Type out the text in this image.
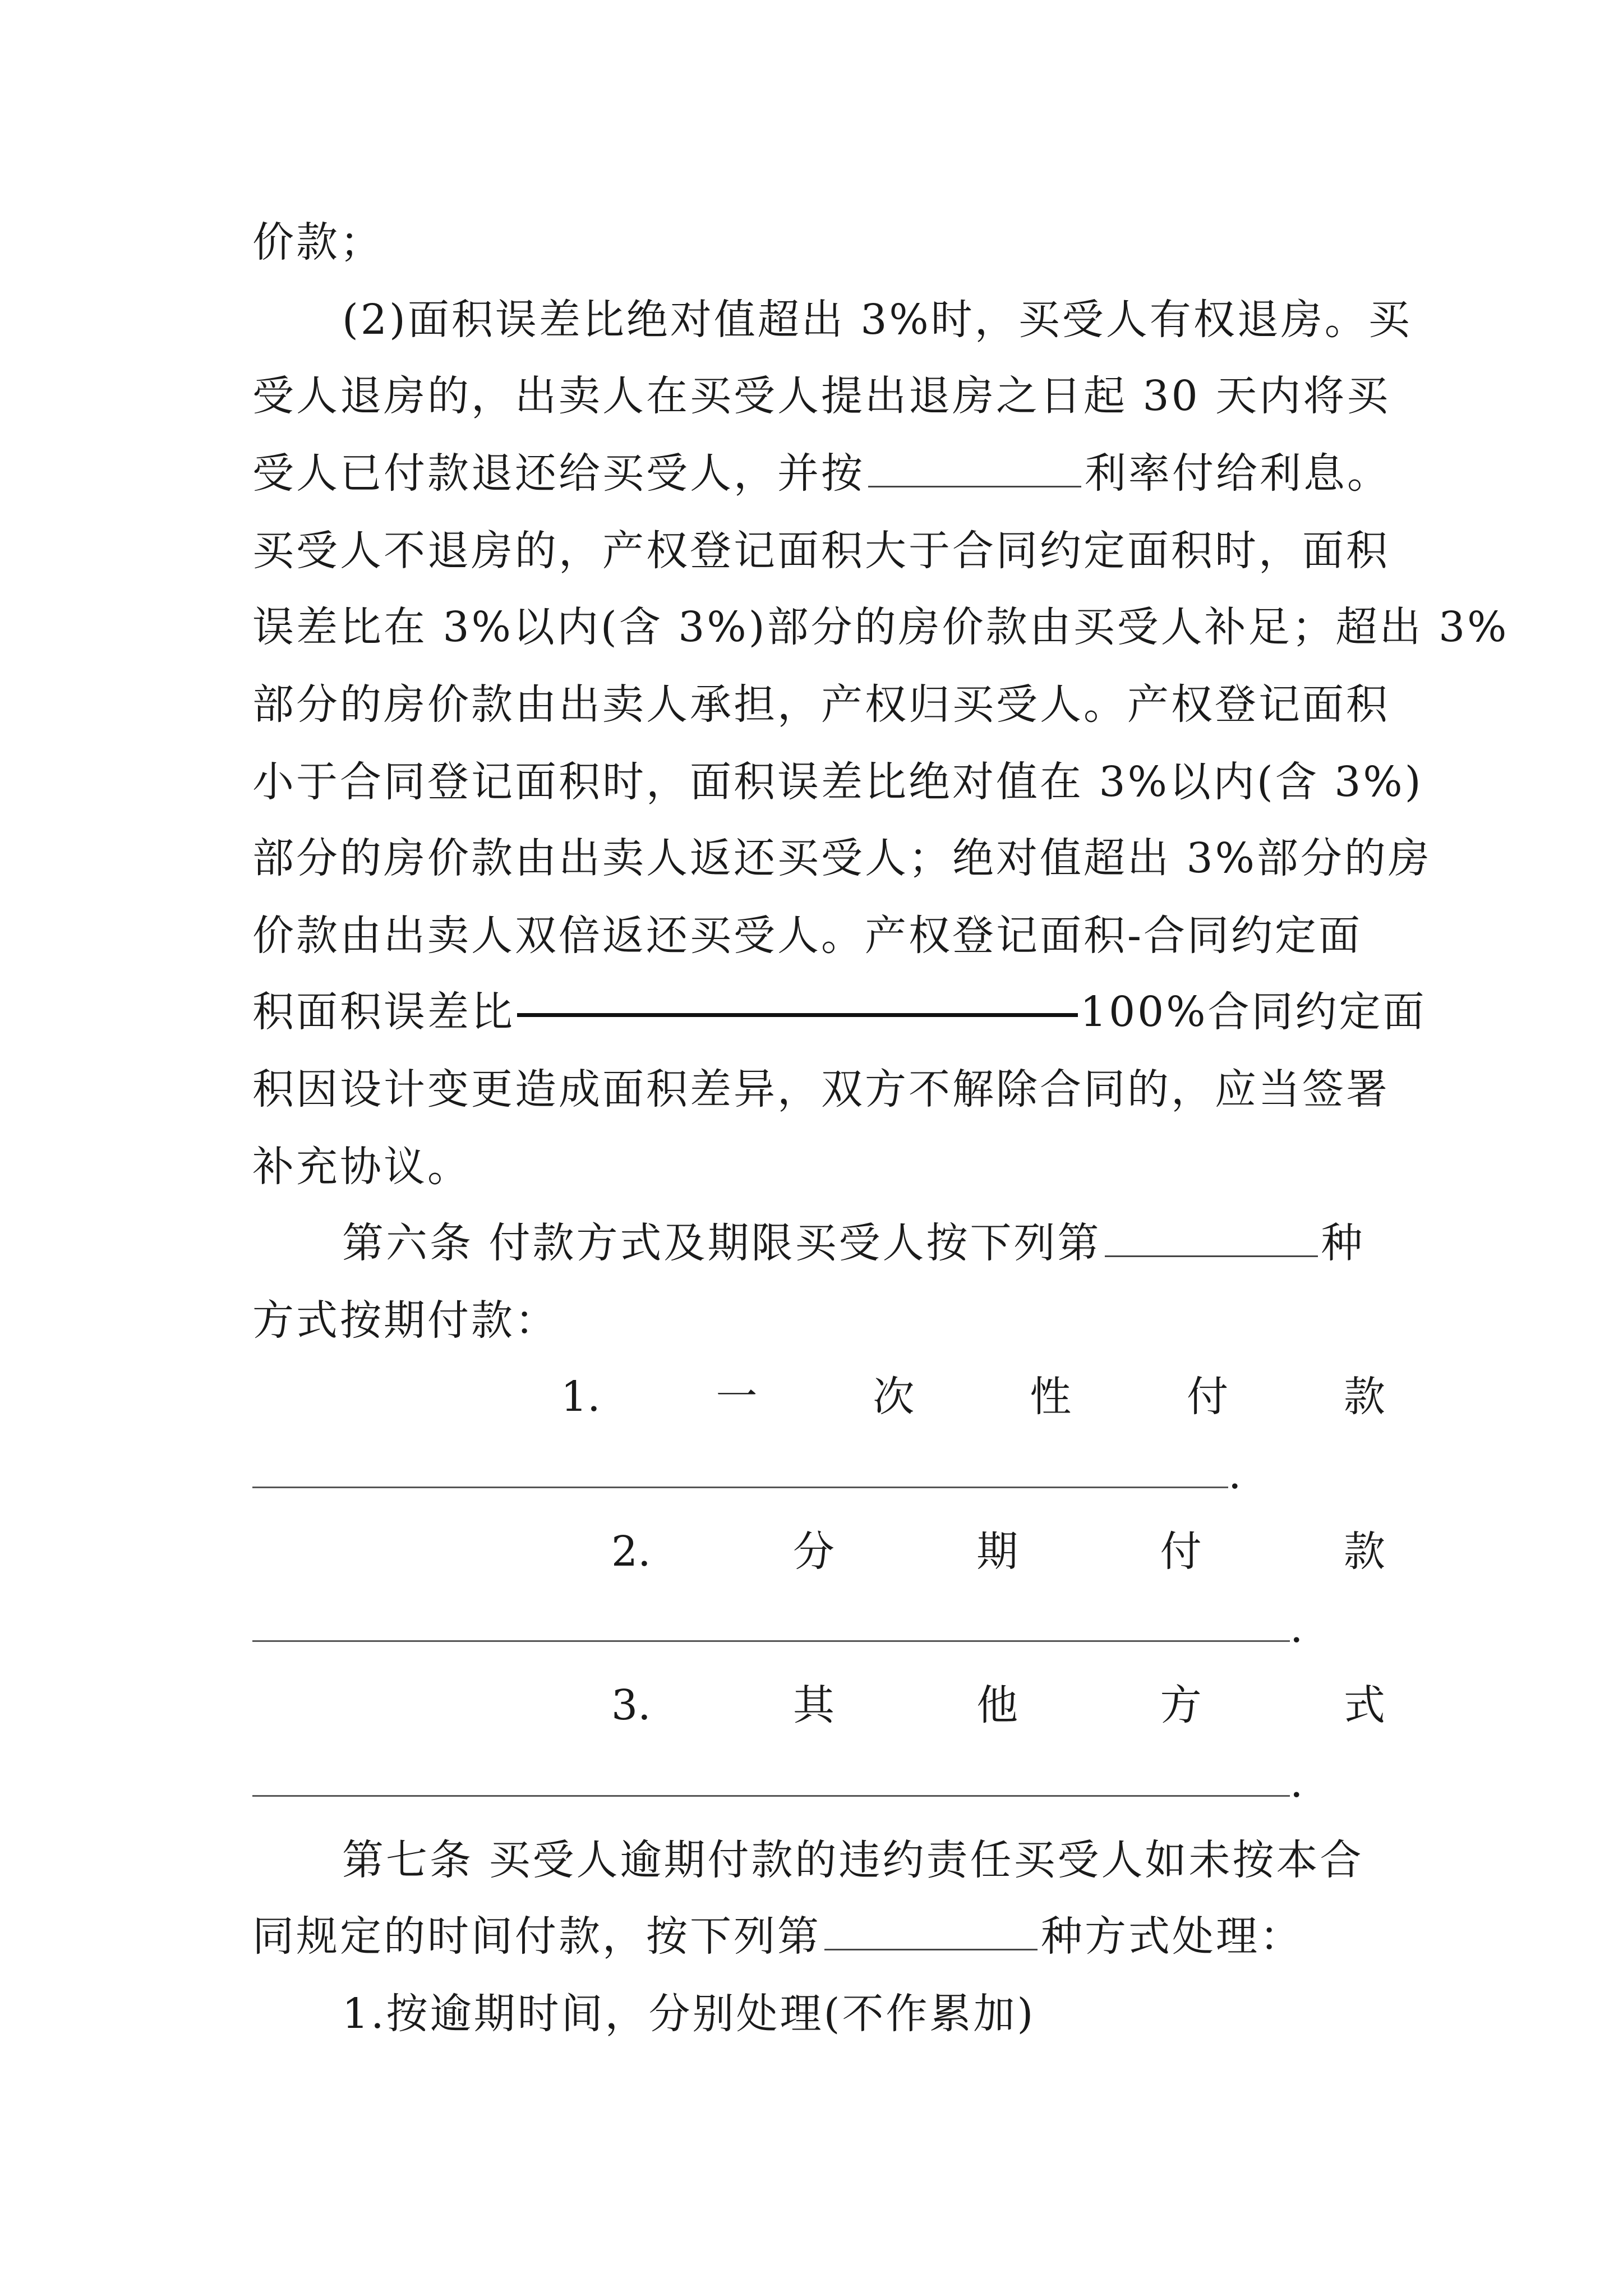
价款；
(2)面积误差比绝对值超出 3%时，买受人有权退房。买
受人退房的，出卖人在买受人提出退房之日起 30 天内将买
受人已付款退还给买受人，并按	利率付给利息。
买受人不退房的，产权登记面积大于合同约定面积时，面积
误差比在 3%以内(含 3%)部分的房价款由买受人补足；超出 3%
部分的房价款由出卖人承担，产权归买受人。产权登记面积
小于合同登记面积时，面积误差比绝对值在 3%以内(含 3%)
部分的房价款由出卖人返还买受人；绝对值超出 3%部分的房
价款由出卖人双倍返还买受人。产权登记面积-合同约定面
积面积误差比	100%合同约定面
积因设计变更造成面积差异，双方不解除合同的，应当签署
补充协议。
第六条 付款方式及期限买受人按下列第	种
方式按期付款：
1.	一	次	性	付	款
.
2.	分	期	付	款
.
3.	其	他	方	式
.
第七条 买受人逾期付款的违约责任买受人如未按本合
同规定的时间付款，按下列第	种方式处理：
1.按逾期时间，分别处理(不作累加)
